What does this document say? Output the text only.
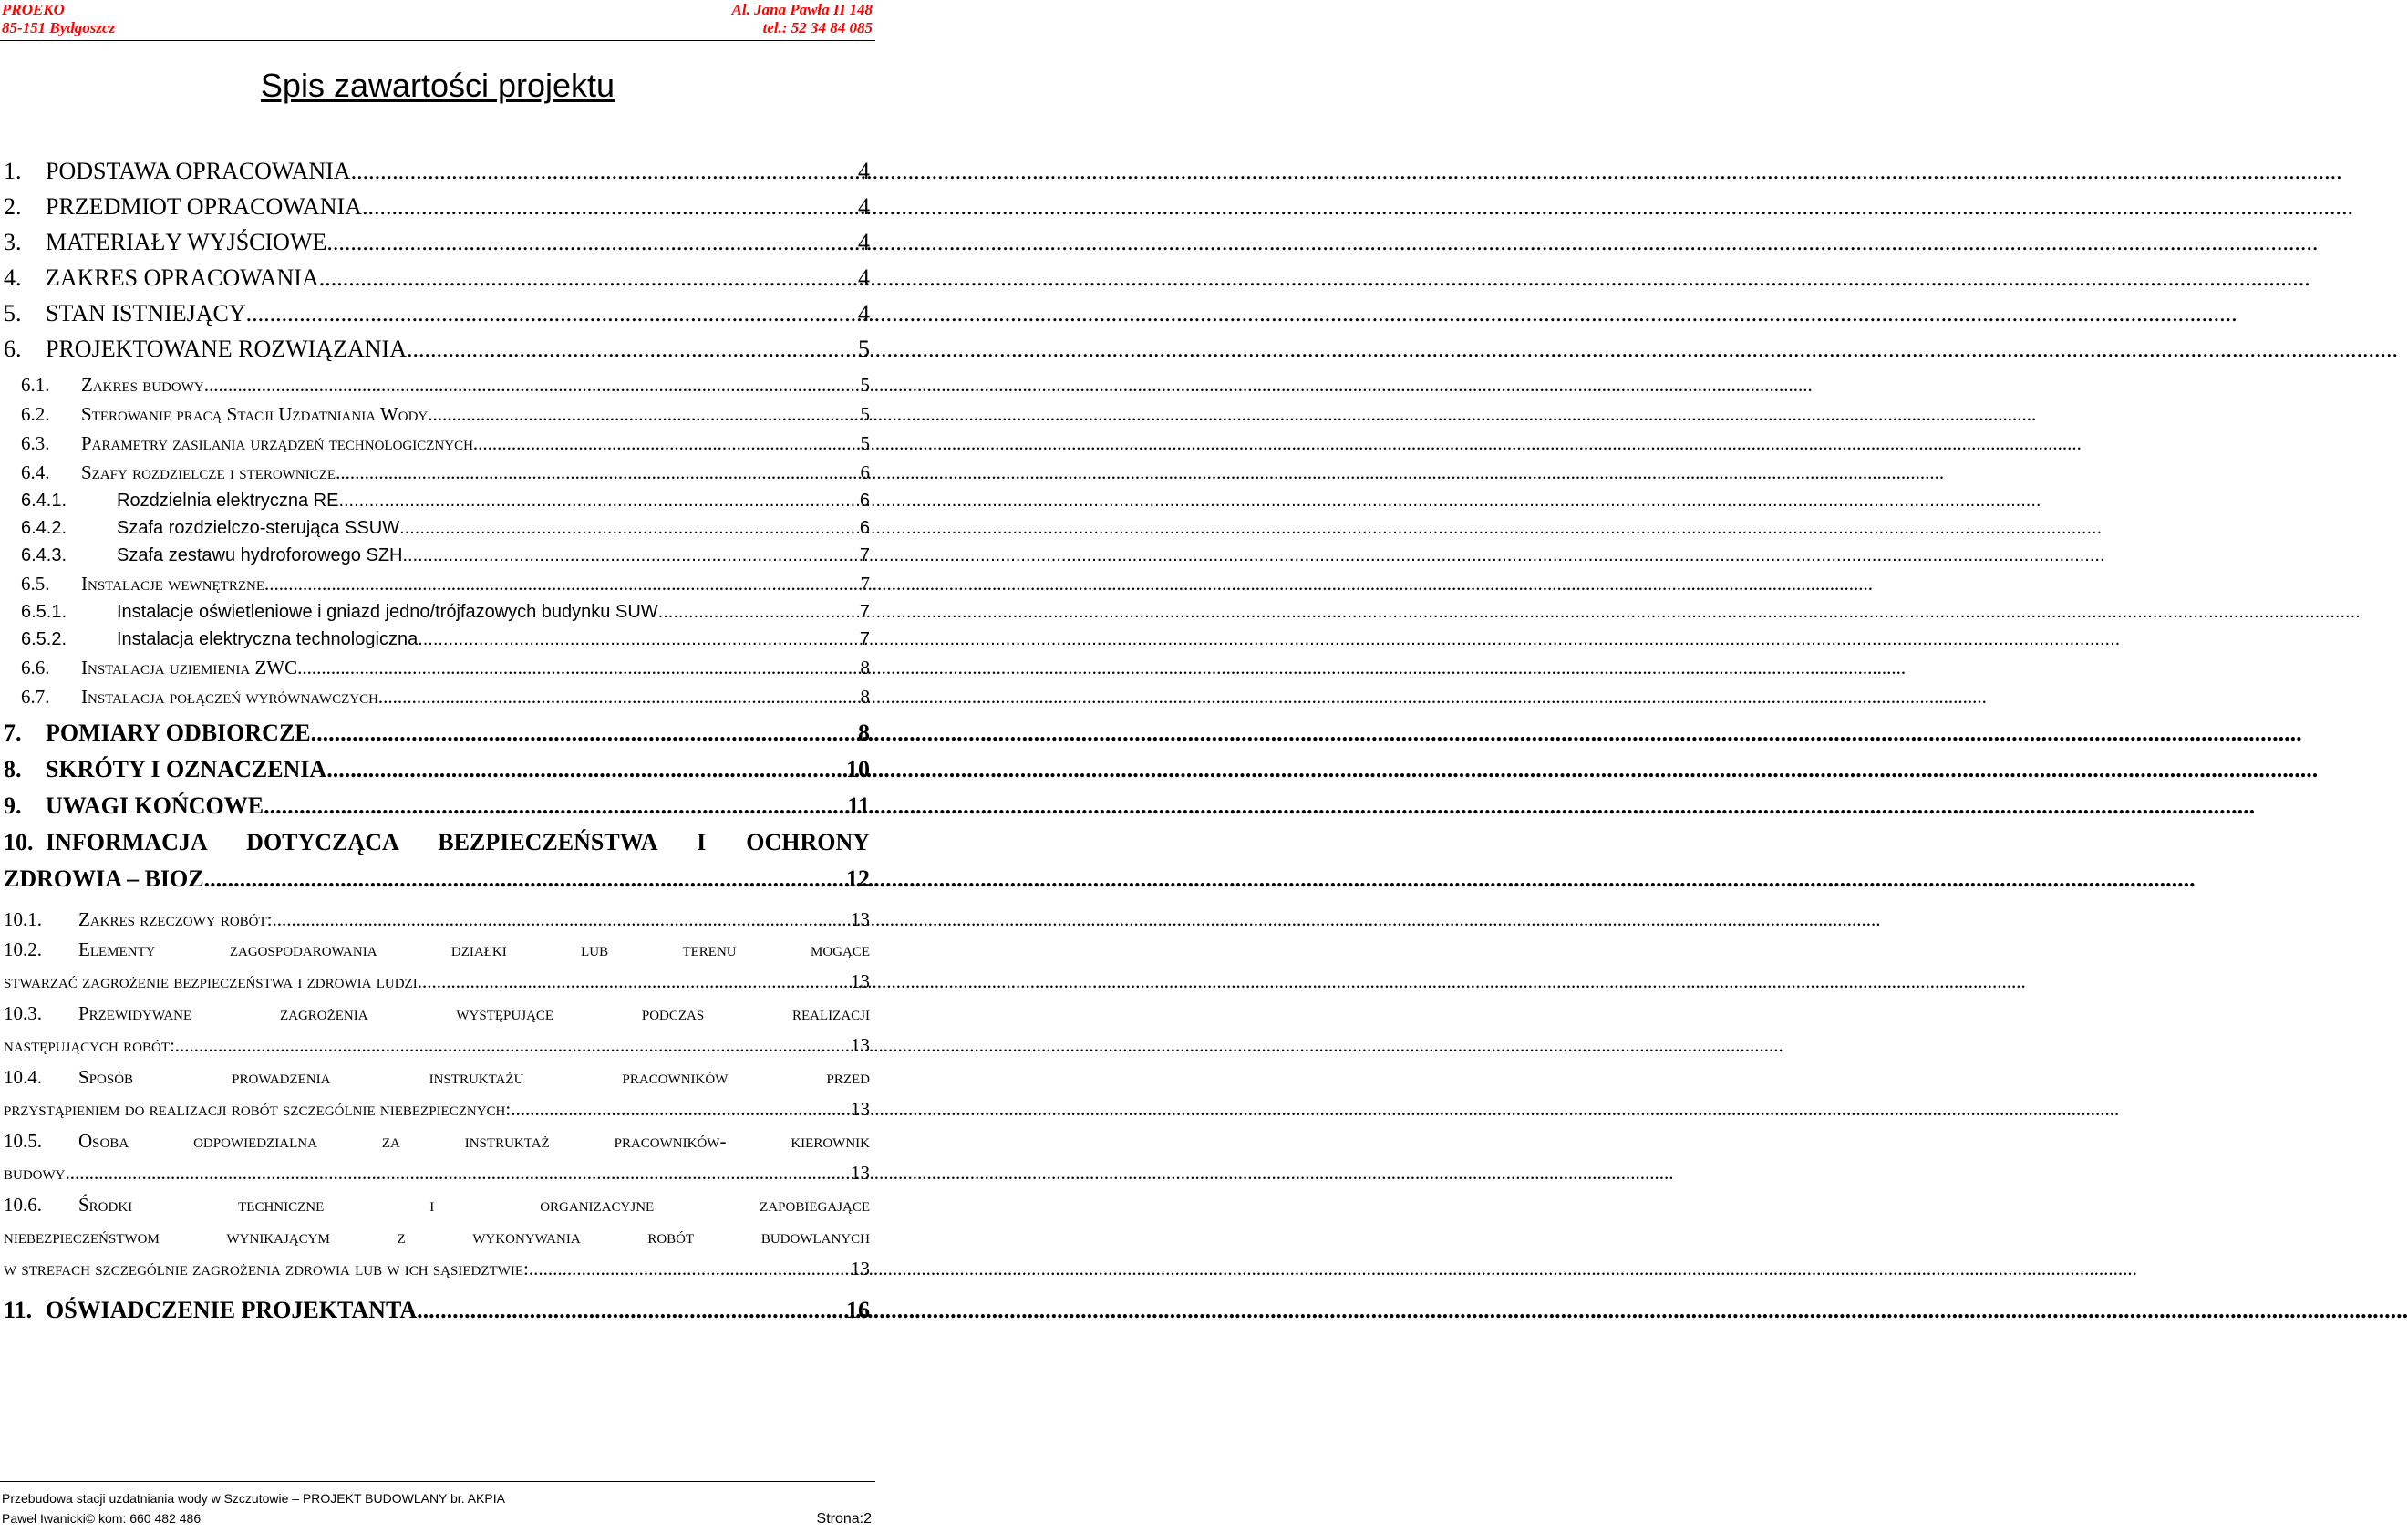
PROEKO
85-151 Bydgoszcz
Al. Jana Pawła II 148
tel.: 52 34 84 085
Spis zawartości projektu
1. PODSTAWA OPRACOWANIA .....	4
2. PRZEDMIOT OPRACOWANIA .....	4
3. MATERIAŁY WYJŚCIOWE .....	4
4. ZAKRES OPRACOWANIA .....	4
5. STAN ISTNIEJĄCY .....	4
6. PROJEKTOWANE ROZWIĄZANIA .....	5
6.1. Zakres budowy .....	5
6.2. Sterowanie pracą Stacji Uzdatniania Wody .....	5
6.3. Parametry zasilania urządzeń technologicznych .....	5
6.4. Szafy rozdzielcze i sterownicze .....	6
6.4.1.	Rozdzielnia elektryczna RE .....	6
6.4.2.	Szafa rozdzielczo-sterująca SSUW .....	6
6.4.3.	Szafa zestawu hydroforowego SZH .....	7
6.5. Instalacje wewnętrzne .....	7
6.5.1.	Instalacje oświetleniowe i gniazd jedno/trójfazowych budynku SUW .....	7
6.5.2.	Instalacja elektryczna technologiczna .....	7
6.6. Instalacja uziemienia ZWC .....	8
6.7. Instalacja połączeń wyrównawczych .....	8
7. POMIARY ODBIORCZE .....	8
8. SKRÓTY I OZNACZENIA .....	10
9. UWAGI KOŃCOWE .....	11
10. INFORMACJA DOTYCZĄCA BEZPIECZEŃSTWA I OCHRONY
ZDROWIA – BIOZ .....	12
10.1. Zakres rzeczowy robót: .....	13
10.2. Elementy zagospodarowania działki lub terenu mogące
stwarzać zagrożenie bezpieczeństwa i zdrowia ludzi .....	13
10.3. Przewidywane zagrożenia występujące podczas realizacji
następujących robót: .....	13
10.4. Sposób prowadzenia instruktażu pracowników przed
przystąpieniem do realizacji robót szczególnie niebezpiecznych: .....	13
10.5. Osoba odpowiedzialna za instruktaż pracowników- kierownik
budowy .....	13
10.6. Środki techniczne i organizacyjne zapobiegające
niebezpieczeństwom wynikającym z wykonywania robót budowlanych
w strefach szczególnie zagrożenia zdrowia lub w ich sąsiedztwie: .....	13
11. OŚWIADCZENIE PROJEKTANTA .....	16
Przebudowa stacji uzdatniania wody w Szczutowie – PROJEKT BUDOWLANY br. AKPIA
Paweł Iwanicki© kom: 660 482 486	Strona:2
